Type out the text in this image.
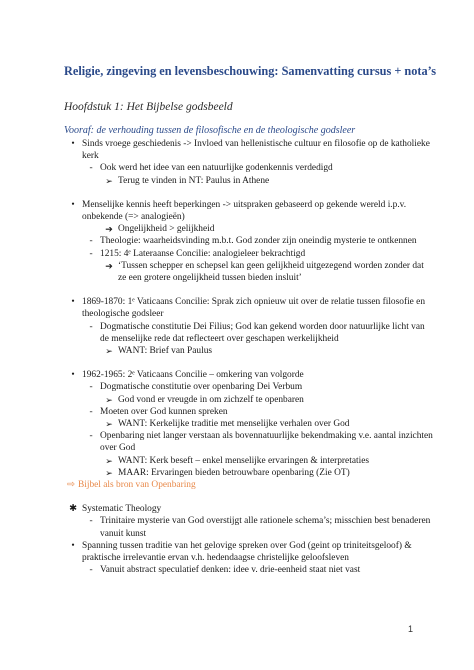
Religie, zingeving en levensbeschouwing: Samenvatting cursus + nota’s
Hoofdstuk 1: Het Bijbelse godsbeeld
Vooraf: de verhouding tussen de filosofische en de theologische godsleer
• Sinds vroege geschiedenis -> Invloed van hellenistische cultuur en filosofie op de katholieke kerk
- Ook werd het idee van een natuurlijke godenkennis verdedigd
➢ Terug te vinden in NT: Paulus in Athene
• Menselijke kennis heeft beperkingen -> uitspraken gebaseerd op gekende wereld i.p.v. onbekende (=> analogieën)
➔ Ongelijkheid > gelijkheid
- Theologie: waarheidsvinding m.b.t. God zonder zijn oneindig mysterie te ontkennen
- 1215: 4ᵉ Lateraanse Concilie: analogieleer bekrachtigd
➔ ‘Tussen schepper en schepsel kan geen gelijkheid uitgezegend worden zonder dat ze een grotere ongelijkheid tussen bieden insluit’
• 1869-1870: 1ᵉ Vaticaans Concilie: Sprak zich opnieuw uit over de relatie tussen filosofie en theologische godsleer
- Dogmatische constitutie Dei Filius; God kan gekend worden door natuurlijke licht van de menselijke rede dat reflecteert over geschapen werkelijkheid
➢ WANT: Brief van Paulus
• 1962-1965: 2ᵉ Vaticaans Concilie – omkering van volgorde
- Dogmatische constitutie over openbaring Dei Verbum
➢ God vond er vreugde in om zichzelf te openbaren
- Moeten over God kunnen spreken
➢ WANT: Kerkelijke traditie met menselijke verhalen over God
- Openbaring niet langer verstaan als bovennatuurlijke bekendmaking v.e. aantal inzichten over God
➢ WANT: Kerk beseft – enkel menselijke ervaringen & interpretaties
➢ MAAR: Ervaringen bieden betrouwbare openbaring (Zie OT)
⇨ Bijbel als bron van Openbaring
✱ Systematic Theology
- Trinitaire mysterie van God overstijgt alle rationele schema’s; misschien best benaderen vanuit kunst
• Spanning tussen traditie van het gelovige spreken over God (geint op triniteitsgeloof) & praktische irrelevantie ervan v.h. hedendaagse christelijke geloofsleven
- Vanuit abstract speculatief denken: idee v. drie-eenheid staat niet vast
1
